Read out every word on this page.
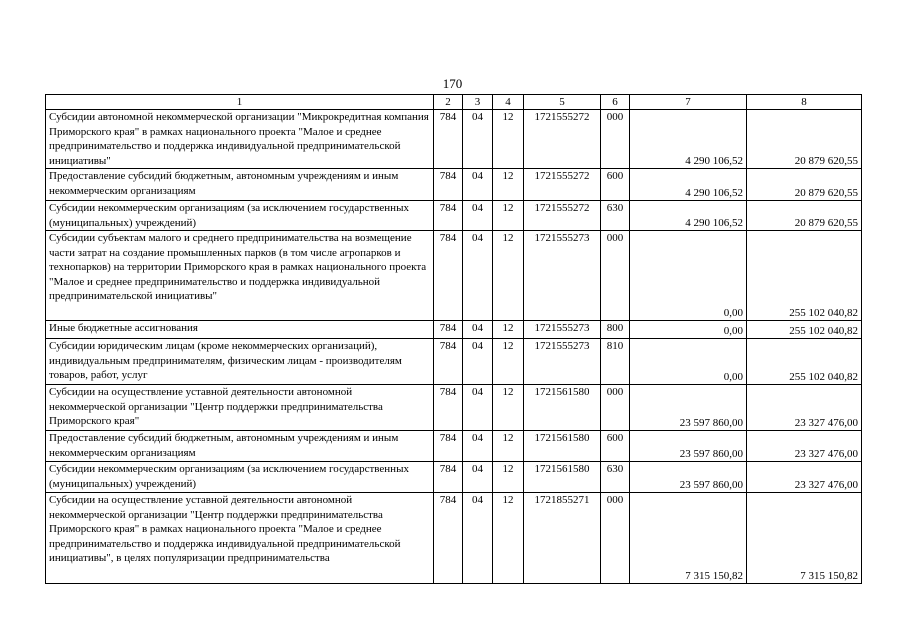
170
1	2	3	4	5	6	7	8
Субсидии автономной некоммерческой организации "Микрокредитная компания Приморского края" в рамках национального проекта "Малое и среднее предпринимательство и поддержка индивидуальной предпринимательской инициативы"	784	04	12	1721555272	000	4 290 106,52	20 879 620,55
Предоставление субсидий бюджетным, автономным учреждениям и иным некоммерческим организациям	784	04	12	1721555272	600	4 290 106,52	20 879 620,55
Субсидии некоммерческим организациям (за исключением государственных (муниципальных) учреждений)	784	04	12	1721555272	630	4 290 106,52	20 879 620,55
Субсидии субъектам малого и среднего предпринимательства на возмещение части затрат на создание промышленных парков (в том числе агропарков и технопарков) на территории Приморского края в рамках национального проекта "Малое и среднее предпринимательство и поддержка индивидуальной предпринимательской инициативы"	784	04	12	1721555273	000	0,00	255 102 040,82
Иные бюджетные ассигнования	784	04	12	1721555273	800	0,00	255 102 040,82
Субсидии юридическим лицам (кроме некоммерческих организаций), индивидуальным предпринимателям, физическим лицам - производителям товаров, работ, услуг	784	04	12	1721555273	810	0,00	255 102 040,82
Субсидии на осуществление уставной деятельности автономной некоммерческой организации "Центр поддержки предпринимательства Приморского края"	784	04	12	1721561580	000	23 597 860,00	23 327 476,00
Предоставление субсидий бюджетным, автономным учреждениям и иным некоммерческим организациям	784	04	12	1721561580	600	23 597 860,00	23 327 476,00
Субсидии некоммерческим организациям (за исключением государственных (муниципальных) учреждений)	784	04	12	1721561580	630	23 597 860,00	23 327 476,00
Субсидии на осуществление уставной деятельности автономной некоммерческой организации "Центр поддержки предпринимательства Приморского края" в рамках национального проекта "Малое и среднее предпринимательство и поддержка индивидуальной предпринимательской инициативы", в целях популяризации предпринимательства	784	04	12	1721855271	000	7 315 150,82	7 315 150,82
